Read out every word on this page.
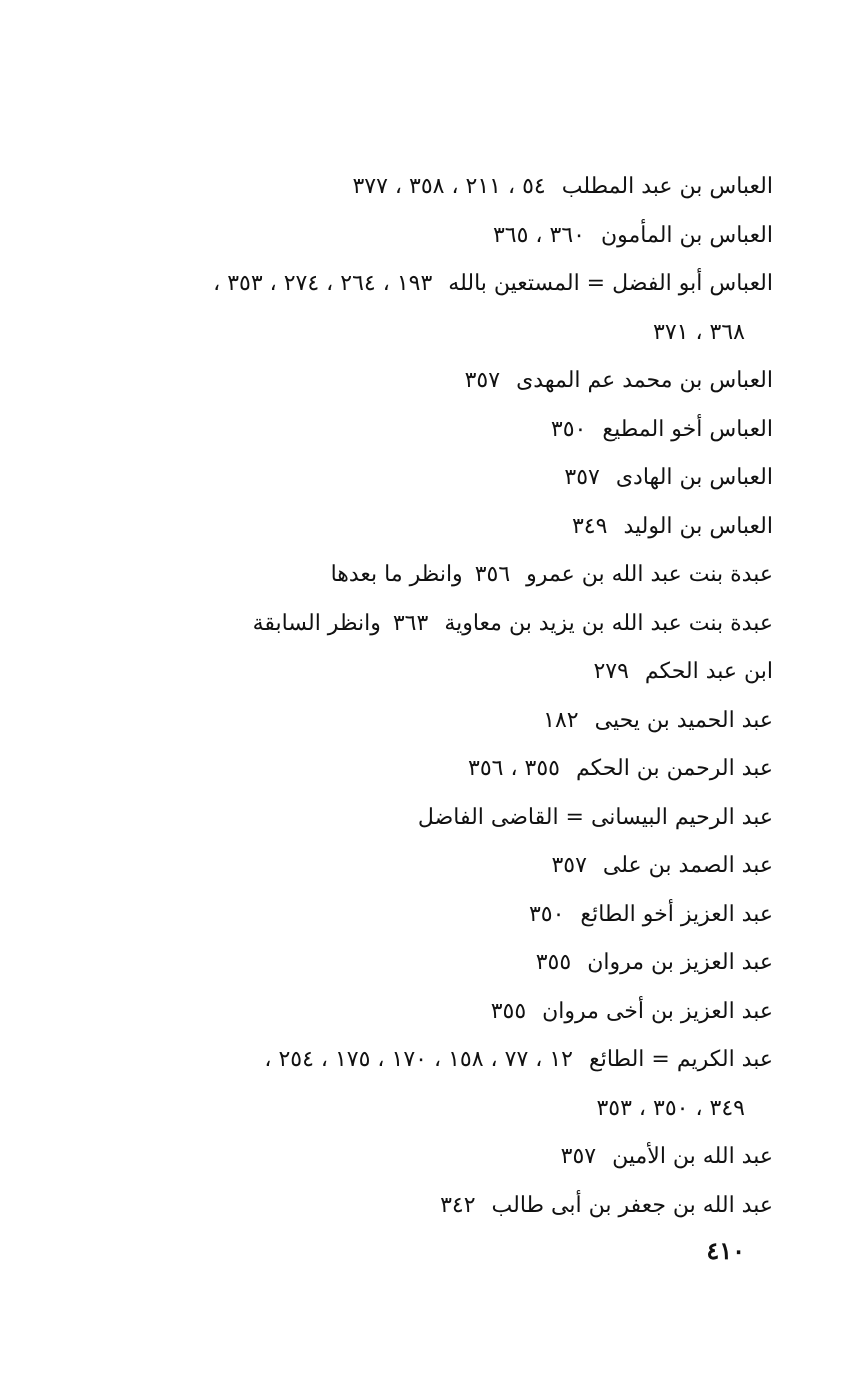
العباس بن عبد المطلب٥٤ ، ٢١١ ، ٣٥٨ ، ٣٧٧
العباس بن المأمون٣٦٠ ، ٣٦٥
العباس أبو الفضل = المستعين بالله١٩٣ ، ٢٦٤ ، ٢٧٤ ، ٣٥٣ ،
٣٦٨ ، ٣٧١
العباس بن محمد عم المهدى٣٥٧
العباس أخو المطيع٣٥٠
العباس بن الهادى٣٥٧
العباس بن الوليد٣٤٩
عبدة بنت عبد الله بن عمرو٣٥٦وانظر ما بعدها
عبدة بنت عبد الله بن يزيد بن معاوية٣٦٣وانظر السابقة
ابن عبد الحكم٢٧٩
عبد الحميد بن يحيى١٨٢
عبد الرحمن بن الحكم٣٥٥ ، ٣٥٦
عبد الرحيم البيسانى = القاضى الفاضل
عبد الصمد بن على٣٥٧
عبد العزيز أخو الطائع٣٥٠
عبد العزيز بن مروان٣٥٥
عبد العزيز بن أخى مروان٣٥٥
عبد الكريم = الطائع١٢ ، ٧٧ ، ١٥٨ ، ١٧٠ ، ١٧٥ ، ٢٥٤ ،
٣٤٩ ، ٣٥٠ ، ٣٥٣
عبد الله بن الأمين٣٥٧
عبد الله بن جعفر بن أبى طالب٣٤٢
٤١٠
